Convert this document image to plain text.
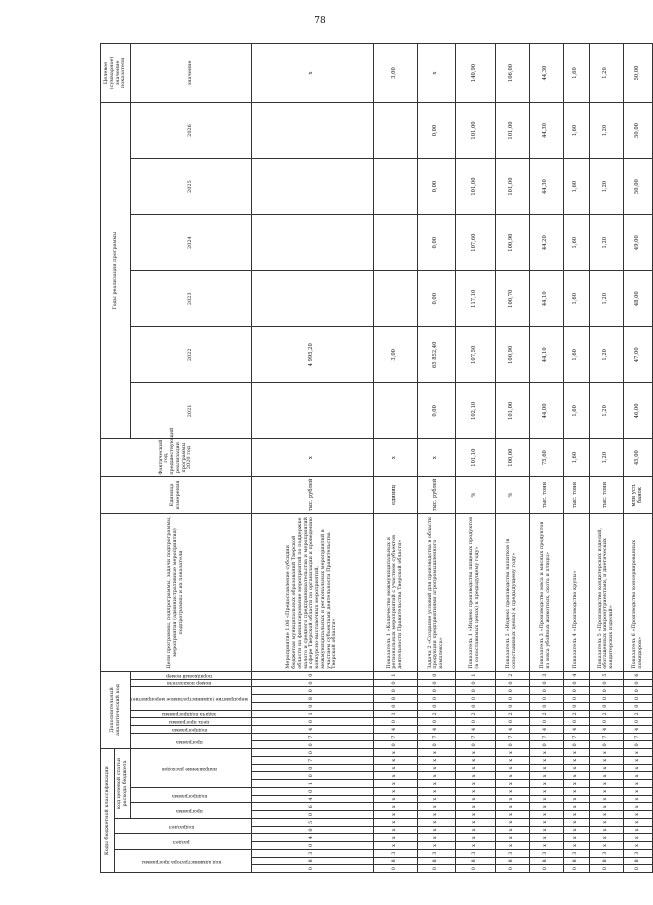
78
Коды бюджетной классификации																Дополнительный аналитический код										Цели программы, подпрограммы, задачи подпрограммы, мероприятия (административные мероприятия) подпрограммы и их показатели	Единица измерения	Фактический год, предшествующий реализации программы 2020 год	Годы реализации программы						Целевое (суммарное) значение показателя
код администратора программы			раздел		подраздел		код целевой статьи расхода бюджета																												
							программа		подпрограмма		направление расходов					программа		подпрограмма	цель программы	задача подпрограммы	мероприятие (административное мероприятие)			номер показателя	порядковый номер				2021	2022	2023	2024	2025	2026	значение
0	8	3	0	4	0	5	0	6	4	0	1	0	0	7	0	0	7	4	0	1	0	8	0	0	0	Мероприятие 1.06 «Предоставление субсидии бюджетам муниципальных образований Тверской области на финансирование мероприятий по поддержке малого и среднего предпринимательства и мероприятий в сфере Тверской области по организации и проведению конкурсно-выставочных мероприятий, межмуниципальных и региональных мероприятий в участием субъектами деятельности Правительства Тверской области»	тыс. рублей	х		4 995,20					х
0	8	3	х	х	х	х	х	х	х	х	х	х	х	х	х	0	7	4	0	1	0	8	0	0	1	Показатель 1 «Количество межмуниципальных и региональных мероприятий с участием субъектов деятельности Правительства Тверской области»	единиц	х		3,00					3,00
0	8	3	х	х	х	х	х	х	х	х	х	х	х	х	х	0	7	4	0	2	0	0	0	0	0	Задача 2 «Создание условий для производства в области продукции предприятиями агропромышленного комплекса»	тыс. рублей	х	0,00	65 852,40	0,00	0,00	0,00	0,00	х
0	8	3	х	х	х	х	х	х	х	х	х	х	х	х	х	0	7	4	0	2	0	0	0	0	1	Показатель 1 «Индекс производства пищевых продуктов (в сопоставимых ценах) к предыдущему году»	%	101,10	102,10	107,50	117,10	107,60	101,00	101,00	140,90
0	8	3	х	х	х	х	х	х	х	х	х	х	х	х	х	0	7	4	0	2	0	0	0	0	2	Показатель 2 «Индекс производства напитков (в сопоставимых ценах) к предыдущему году»	%	100,00	101,00	100,90	100,70	100,90	101,00	101,00	106,00
0	8	3	х	х	х	х	х	х	х	х	х	х	х	х	х	0	7	4	0	2	0	0	0	0	3	Показатель 3 «Производство мяса и мясных продуктов из мяса убойных животных, скота и птицы»	тыс. тонн	75,60	44,00	44,10	44,10	44,20	44,30	44,30	44,30
0	8	3	х	х	х	х	х	х	х	х	х	х	х	х	х	0	7	4	0	2	0	0	0	0	4	Показатель 4 «Производство крупы»	тыс. тонн	1,60	1,60	1,60	1,60	1,60	1,60	1,60	1,60
0	8	3	х	х	х	х	х	х	х	х	х	х	х	х	х	0	7	4	0	2	0	0	0	0	5	Показатель 5 «Производство кондитерских изделий, обогащенных микронутриентами, и диетических кондитерских изделий»	тыс. тонн	1,20	1,20	1,20	1,20	1,20	1,20	1,20	1,20
0	8	3	х	х	х	х	х	х	х	х	х	х	х	х	х	0	7	4	0	2	0	0	0	0	6	Показатель 6 «Производство консервированных помидоров»	млн усл. банок	45,00	46,00	47,00	48,00	49,00	50,00	50,00	50,00
